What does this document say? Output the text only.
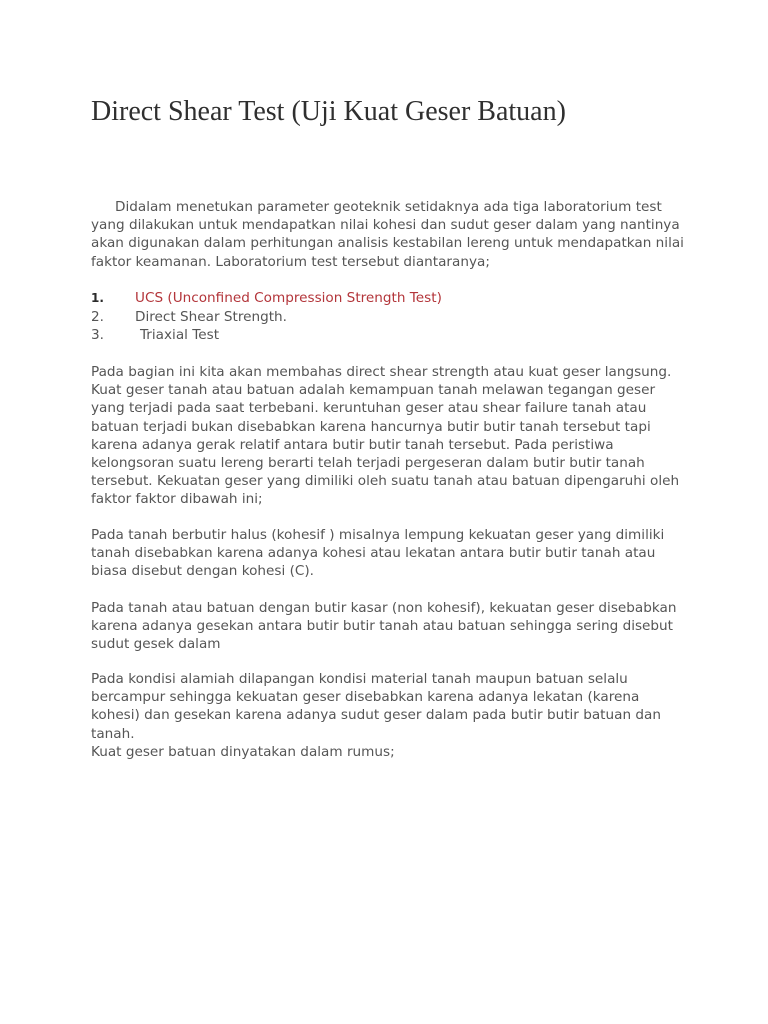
Direct Shear Test (Uji Kuat Geser Batuan)

Didalam menetukan parameter geoteknik setidaknya ada tiga laboratorium test yang dilakukan untuk mendapatkan nilai kohesi dan sudut geser dalam yang nantinya akan digunakan dalam perhitungan analisis kestabilan lereng untuk mendapatkan nilai faktor keamanan. Laboratorium test tersebut diantaranya;

1.	UCS (Unconfined Compression Strength Test)
2.	Direct Shear Strength.
3.	Triaxial Test

Pada bagian ini kita akan membahas direct shear strength atau kuat geser langsung. Kuat geser tanah atau batuan adalah kemampuan tanah melawan tegangan geser yang terjadi pada saat terbebani. keruntuhan geser atau shear failure tanah atau batuan terjadi bukan disebabkan karena hancurnya butir butir tanah tersebut tapi karena adanya gerak relatif antara butir butir tanah tersebut. Pada peristiwa kelongsoran suatu lereng berarti telah terjadi pergeseran dalam butir butir tanah tersebut. Kekuatan geser yang dimiliki oleh suatu tanah atau batuan dipengaruhi oleh faktor faktor dibawah ini;

Pada tanah berbutir halus (kohesif ) misalnya lempung kekuatan geser yang dimiliki tanah disebabkan karena adanya kohesi atau lekatan antara butir butir tanah atau biasa disebut dengan kohesi (C).

Pada tanah atau batuan dengan butir kasar (non kohesif), kekuatan geser disebabkan karena adanya gesekan antara butir butir tanah atau batuan sehingga sering disebut sudut gesek dalam

Pada kondisi alamiah dilapangan kondisi material tanah maupun batuan selalu bercampur sehingga kekuatan geser disebabkan karena adanya lekatan (karena kohesi) dan gesekan karena adanya sudut geser dalam pada butir butir batuan dan tanah.

Kuat geser batuan dinyatakan dalam rumus;
